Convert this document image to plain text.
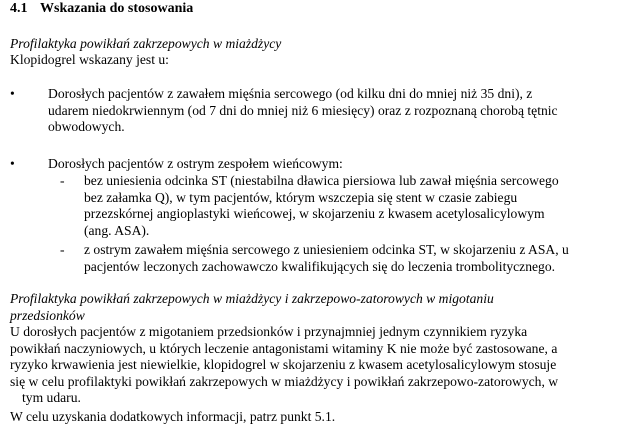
4.1 Wskazania do stosowania
Profilaktyka powikłań zakrzepowych w miażdżycy
Klopidogrel wskazany jest u:
• Dorosłych pacjentów z zawałem mięśnia sercowego (od kilku dni do mniej niż 35 dni), z
udarem niedokrwiennym (od 7 dni do mniej niż 6 miesięcy) oraz z rozpoznaną chorobą tętnic
obwodowych.
• Dorosłych pacjentów z ostrym zespołem wieńcowym:
- bez uniesienia odcinka ST (niestabilna dławica piersiowa lub zawał mięśnia sercowego
bez załamka Q), w tym pacjentów, którym wszczepia się stent w czasie zabiegu
przezskórnej angioplastyki wieńcowej, w skojarzeniu z kwasem acetylosalicylowym
(ang. ASA).
- z ostrym zawałem mięśnia sercowego z uniesieniem odcinka ST, w skojarzeniu z ASA, u
pacjentów leczonych zachowawczo kwalifikujących się do leczenia trombolitycznego.
Profilaktyka powikłań zakrzepowych w miażdżycy i zakrzepowo-zatorowych w migotaniu
przedsionków
U dorosłych pacjentów z migotaniem przedsionków i przynajmniej jednym czynnikiem ryzyka
powikłań naczyniowych, u których leczenie antagonistami witaminy K nie może być zastosowane, a
ryzyko krwawienia jest niewielkie, klopidogrel w skojarzeniu z kwasem acetylosalicylowym stosuje
się w celu profilaktyki powikłań zakrzepowych w miażdżycy i powikłań zakrzepowo-zatorowych, w
tym udaru.
W celu uzyskania dodatkowych informacji, patrz punkt 5.1.
